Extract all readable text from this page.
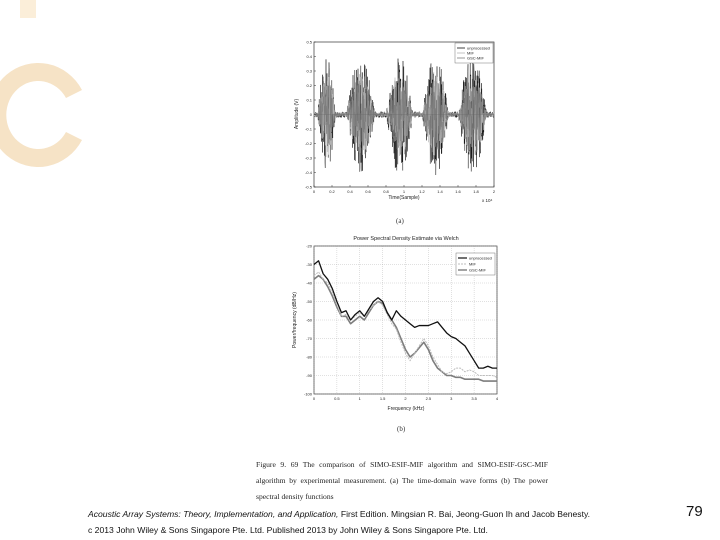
-0.5
-0.4
-0.3
-0.2
-0.1
0
0.1
0.2
0.3
0.4
0.5
0	0.2	0.4	0.6	0.8	1	1.2	1.4	1.6	1.8	2
Amplitude (V)
Time(Sample)	x 10⁴
unprocessed
MIF
GSC-MIF
Power Spectral Density Estimate via Welch
-20
-30
-40
-50
-60
-70
-80
-90
-100
0	0.5	1	1.5	2	2.5	3	3.5	4
Power/frequency (dB/Hz)
Frequency (kHz)
unprocessed
MIF
GSC-MIF
(a)
(b)
Figure 9. 69 The comparison of SIMO-ESIF-MIF algorithm and SIMO-ESIF-GSC-MIF algorithm by experimental measurement. (a) The time-domain wave forms (b) The power spectral density functions
Acoustic Array Systems: Theory, Implementation, and Application, First Edition. Mingsian R. Bai, Jeong-Guon Ih and Jacob Benesty.
c 2013 John Wiley & Sons Singapore Pte. Ltd. Published 2013 by John Wiley & Sons Singapore Pte. Ltd.
79
